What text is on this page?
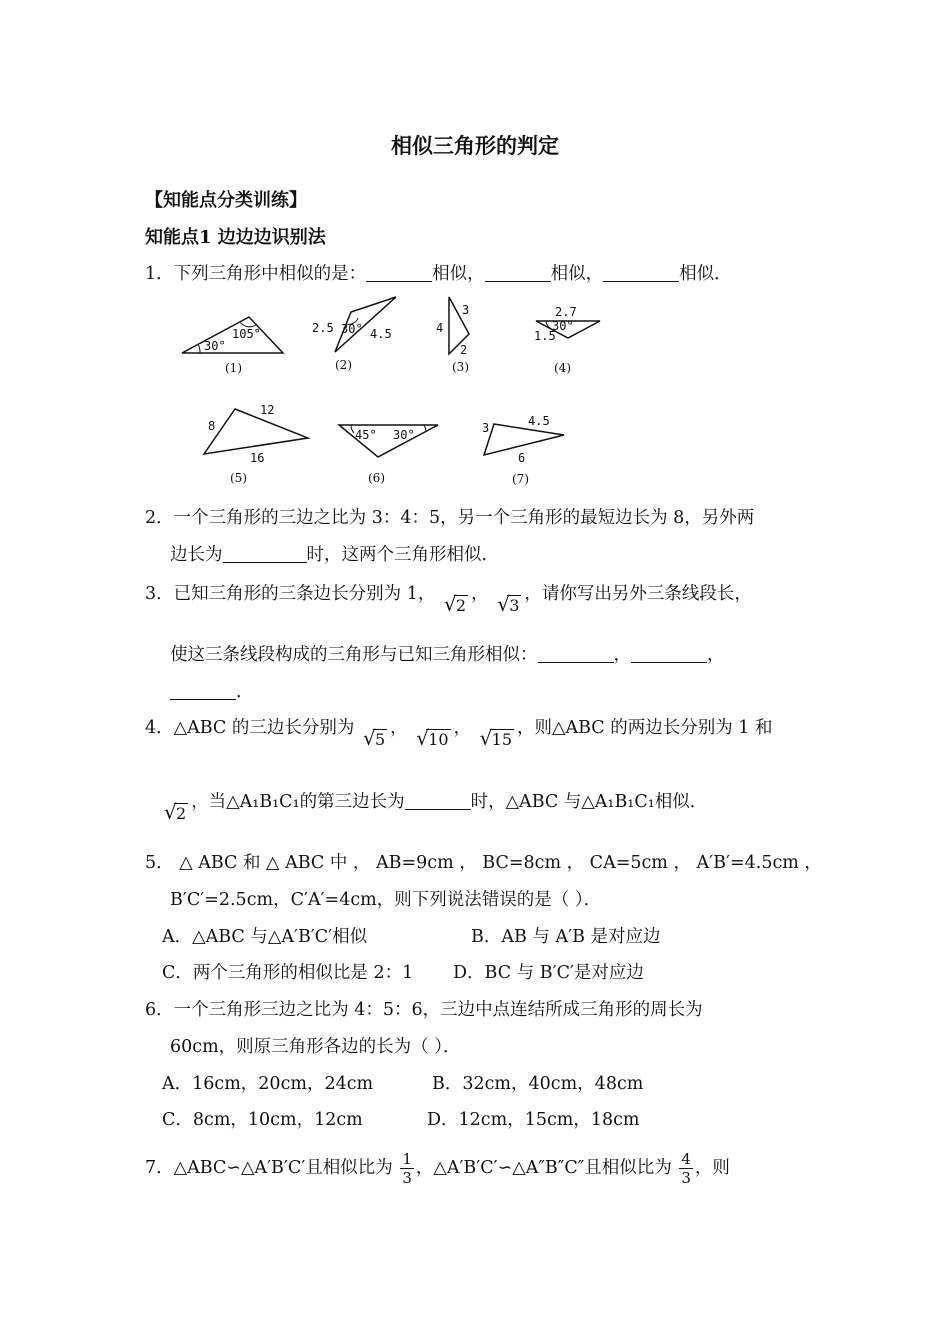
相似三角形的判定
【知能点分类训练】
知能点1 边边边识别法
1．下列三角形中相似的是：	相似，	相似，	相似．
30°
105°
(1)
2.5 30° 4.5
(2)
4
3
2
(3)
2.7
30°
1.5
(4)
8
12
16
(5)
45° 30°
(6)
3	4.5
6
(7)
2．一个三角形的三边之比为 3：4：5，另一个三角形的最短边长为 8，另外两
边长为	时，这两个三角形相似．
3．已知三角形的三条边长分别为 1， √ 2， √ 3，请你写出另外三条线段长，
使这三条线段构成的三角形与已知三角形相似：	，	，
．
4．△ABC 的三边长分别为 √ 5， √ 10， √ 15，则△ABC 的两边长分别为 1 和
√ 2，当△A₁B₁C₁的第三边长为	时，△ABC 与△A₁B₁C₁相似．
5． △ ABC 和 △ ABC 中 ， AB=9cm ， BC=8cm ， CA=5cm ， A′B′=4.5cm ，
B′C′=2.5cm，C′A′=4cm，则下列说法错误的是（ ）．
A．△ABC 与△A′B′C′相似	B．AB 与 A′B 是对应边
C．两个三角形的相似比是 2：1 D．BC 与 B′C′是对应边
6．一个三角形三边之比为 4：5：6，三边中点连结所成三角形的周长为
60cm，则原三角形各边的长为（ ）．
A．16cm，20cm，24cm	B．32cm，40cm，48cm
C．8cm，10cm，12cm	D．12cm，15cm，18cm
7．△ABC∽△A′B′C′且相似比为 $\frac{1}{3}$ ，△A′B′C′∽△A″B″C″且相似比为 $\frac{4}{3}$ ，则
